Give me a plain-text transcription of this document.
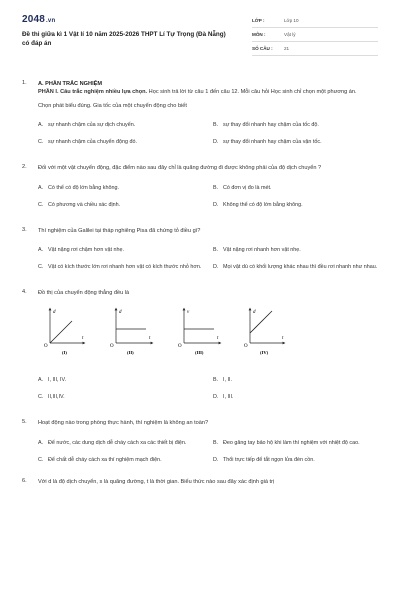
2048.vn
Đề thi giữa kì 1 Vật lí 10 năm 2025-2026 THPT Lí Tự Trọng (Đà Nẵng) có đáp án
LỚP :	Lớp 10
MÔN :	Vật lý
SỐ CÂU :	21
1. A. PHẦN TRẮC NGHIỆM
PHẦN I. Câu trắc nghiệm nhiều lựa chọn. Học sinh trả lời từ câu 1 đến câu 12. Mỗi câu hỏi Học sinh chỉ chọn một phương án.
Chọn phát biểu đúng. Gia tốc của một chuyển động cho biết
A. sự nhanh chậm của sự dịch chuyển.	B. sự thay đổi nhanh hay chậm của tốc độ.
C. sự nhanh chậm của chuyển động đó.	D. sự thay đổi nhanh hay chậm của vận tốc.
2. Đối với một vật chuyển động, đặc điểm nào sau đây chỉ là quãng đường đi được không phải của độ dịch chuyển ?
A. Có thể có độ lớn bằng không.	B. Có đơn vị đo là mét.
C. Có phương và chiều xác định.	D. Không thể có độ lớn bằng không.
3. Thí nghiệm của Galilei tại tháp nghiêng Pisa đã chứng tỏ điều gì?
A. Vật nặng rơi chậm hơn vật nhẹ.	B. Vật nặng rơi nhanh hơn vật nhẹ.
C. Vật có kích thước lớn rơi nhanh hơn vật có kích thước nhỏ hơn.	D. Mọi vật dù có khối lượng khác nhau thì đều rơi nhanh như nhau.
4. Đồ thị của chuyển động thẳng đều là
d
t
O
(I)
d
t
O
(II)
v
t
O
(III)
d
t
O
(IV)
A. I, III, IV.	B. I, II.
C. II,III,IV.	D. I, III.
5. Hoạt động nào trong phòng thực hành, thí nghiệm là không an toàn?
A. Để nước, các dung dịch dễ cháy cách xa các thiết bị điện.	B. Đeo găng tay bảo hộ khi làm thí nghiệm với nhiệt độ cao.
C. Để chất dễ cháy cách xa thí nghiệm mạch điện.	D. Thổi trực tiếp để tắt ngọn lửa đèn cồn.
6. Với d là độ dịch chuyển, s là quãng đường, t là thời gian. Biểu thức nào sau đây xác định giá trị
